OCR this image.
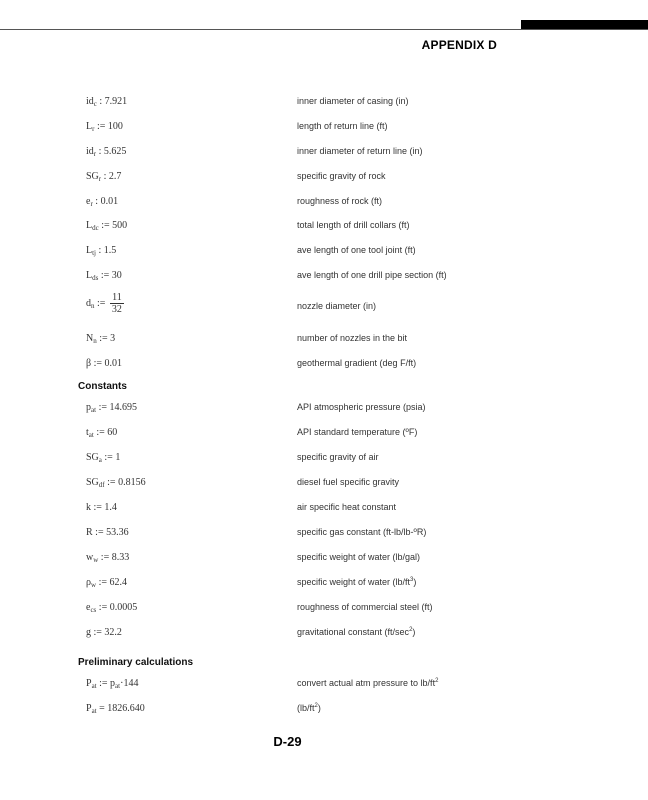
APPENDIX D
$id_c$ : 7.921	inner diameter of casing (in)
$L_r$ := 100	length of return line (ft)
$id_r$ : 5.625	inner diameter of return line (in)
$SG_r$ : 2.7	specific gravity of rock
$e_r$ : 0.01	roughness of rock (ft)
$L_{dc}$ := 500	total length of drill collars (ft)
$L_{tj}$ : 1.5	ave length of one tool joint (ft)
$L_{ds}$ := 30	ave length of one drill pipe section (ft)
$d_n$ := $\frac{11}{32}$	nozzle diameter (in)
$N_n$ := 3	number of nozzles in the bit
β := 0.01	geothermal gradient (deg F/ft)
Constants
$p_{at}$ := 14.695	API atmospheric pressure (psia)
$t_{at}$ := 60	API standard temperature (ºF)
$SG_a$ := 1	specific gravity of air
$SG_{df}$ := 0.8156	diesel fuel specific gravity
k := 1.4	air specific heat constant
R := 53.36	specific gas constant (ft-lb/lb-ºR)
$w_w$ := 8.33	specific weight of water (lb/gal)
$\rho_w$ := 62.4	specific weight of water $(lb/ft^3)$
$e_{cs}$ := 0.0005	roughness of commercial steel (ft)
g := 32.2	gravitational constant $(ft/\sec^2)$
Preliminary calculations
$P_{at}$ := $p_{at}\cdot 144$	convert actual atm pressure to $lb/ft^2$
$P_{at} = 1826.640$	$(lb/ft^2)$
D-29
